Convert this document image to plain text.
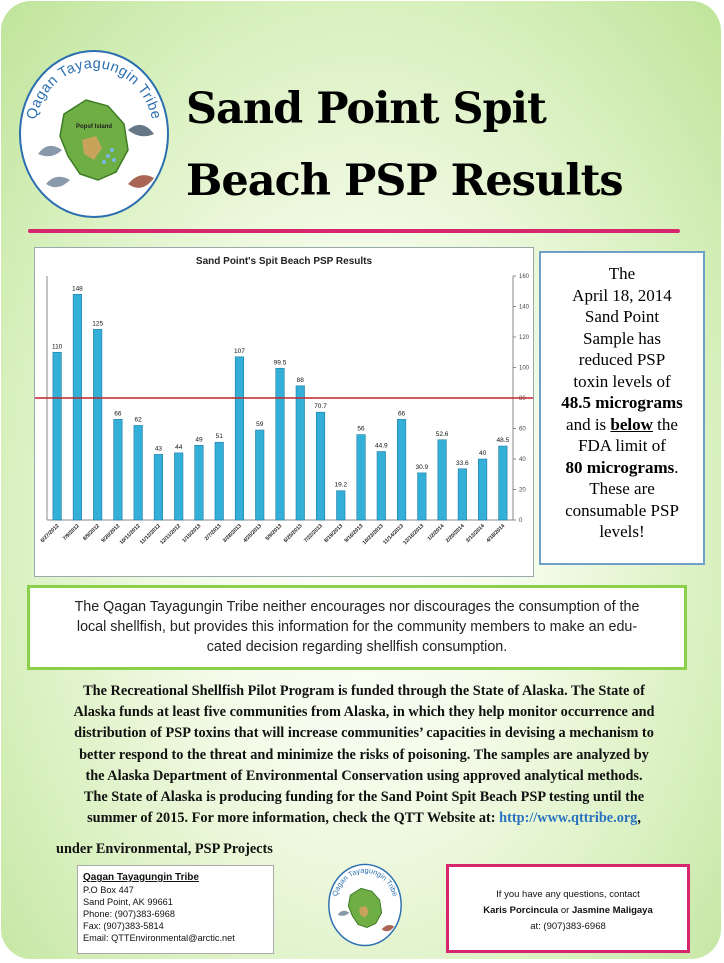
Qagan Tayagungin Tribe
Popof Island Sand Point Spit
Beach PSP Results
Sand Point's Spit Beach PSP Results
0
20
40
60
80
100
120
140
160
110
6/27/2012
148
7/9/2012
125
8/9/2012
66
9/20/2012
62
10/11/2012
43
11/12/2012
44
12/11/2012
49
1/15/2013
51
2/7/2013
107
3/28/2013
59
4/25/2013
99.5
5/9/2013
88
6/25/2013
70.7
7/22/2013
19.2
8/19/2013
56
9/16/2013
44.9
10/23/2013
66
11/14/2013
30.9
12/16/2013
52.6
1/2/2014
33.6
2/20/2014
40
3/13/2014
48.5
4/18/2014
The
April 18, 2014
Sand Point
Sample has
reduced PSP
toxin levels of
48.5 micrograms
and is below the
FDA limit of
80 micrograms.
These are
consumable PSP
levels!
The Qagan Tayagungin Tribe neither encourages nor discourages the consumption of the
local shellfish, but provides this information for the community members to make an edu-
cated decision regarding shellfish consumption.
The Recreational Shellfish Pilot Program is funded through the State of Alaska. The State of
Alaska funds at least five communities from Alaska, in which they help monitor occurrence and
distribution of PSP toxins that will increase communities’ capacities in devising a mechanism to
better respond to the threat and minimize the risks of poisoning. The samples are analyzed by
the Alaska Department of Environmental Conservation using approved analytical methods.
The State of Alaska is producing funding for the Sand Point Spit Beach PSP testing until the
summer of 2015. For more information, check the QTT Website at: http://www.qttribe.org,
under Environmental, PSP Projects
Qagan Tayagungin Tribe
P.O Box 447
Sand Point, AK 99661
Phone: (907)383-6968
Fax: (907)383-5814
Email: QTTEnvironmental@arctic.net
Qagan Tayagungin Tribe	If you have any questions, contact
Karis Porcincula or Jasmine Maligaya
at: (907)383-6968
